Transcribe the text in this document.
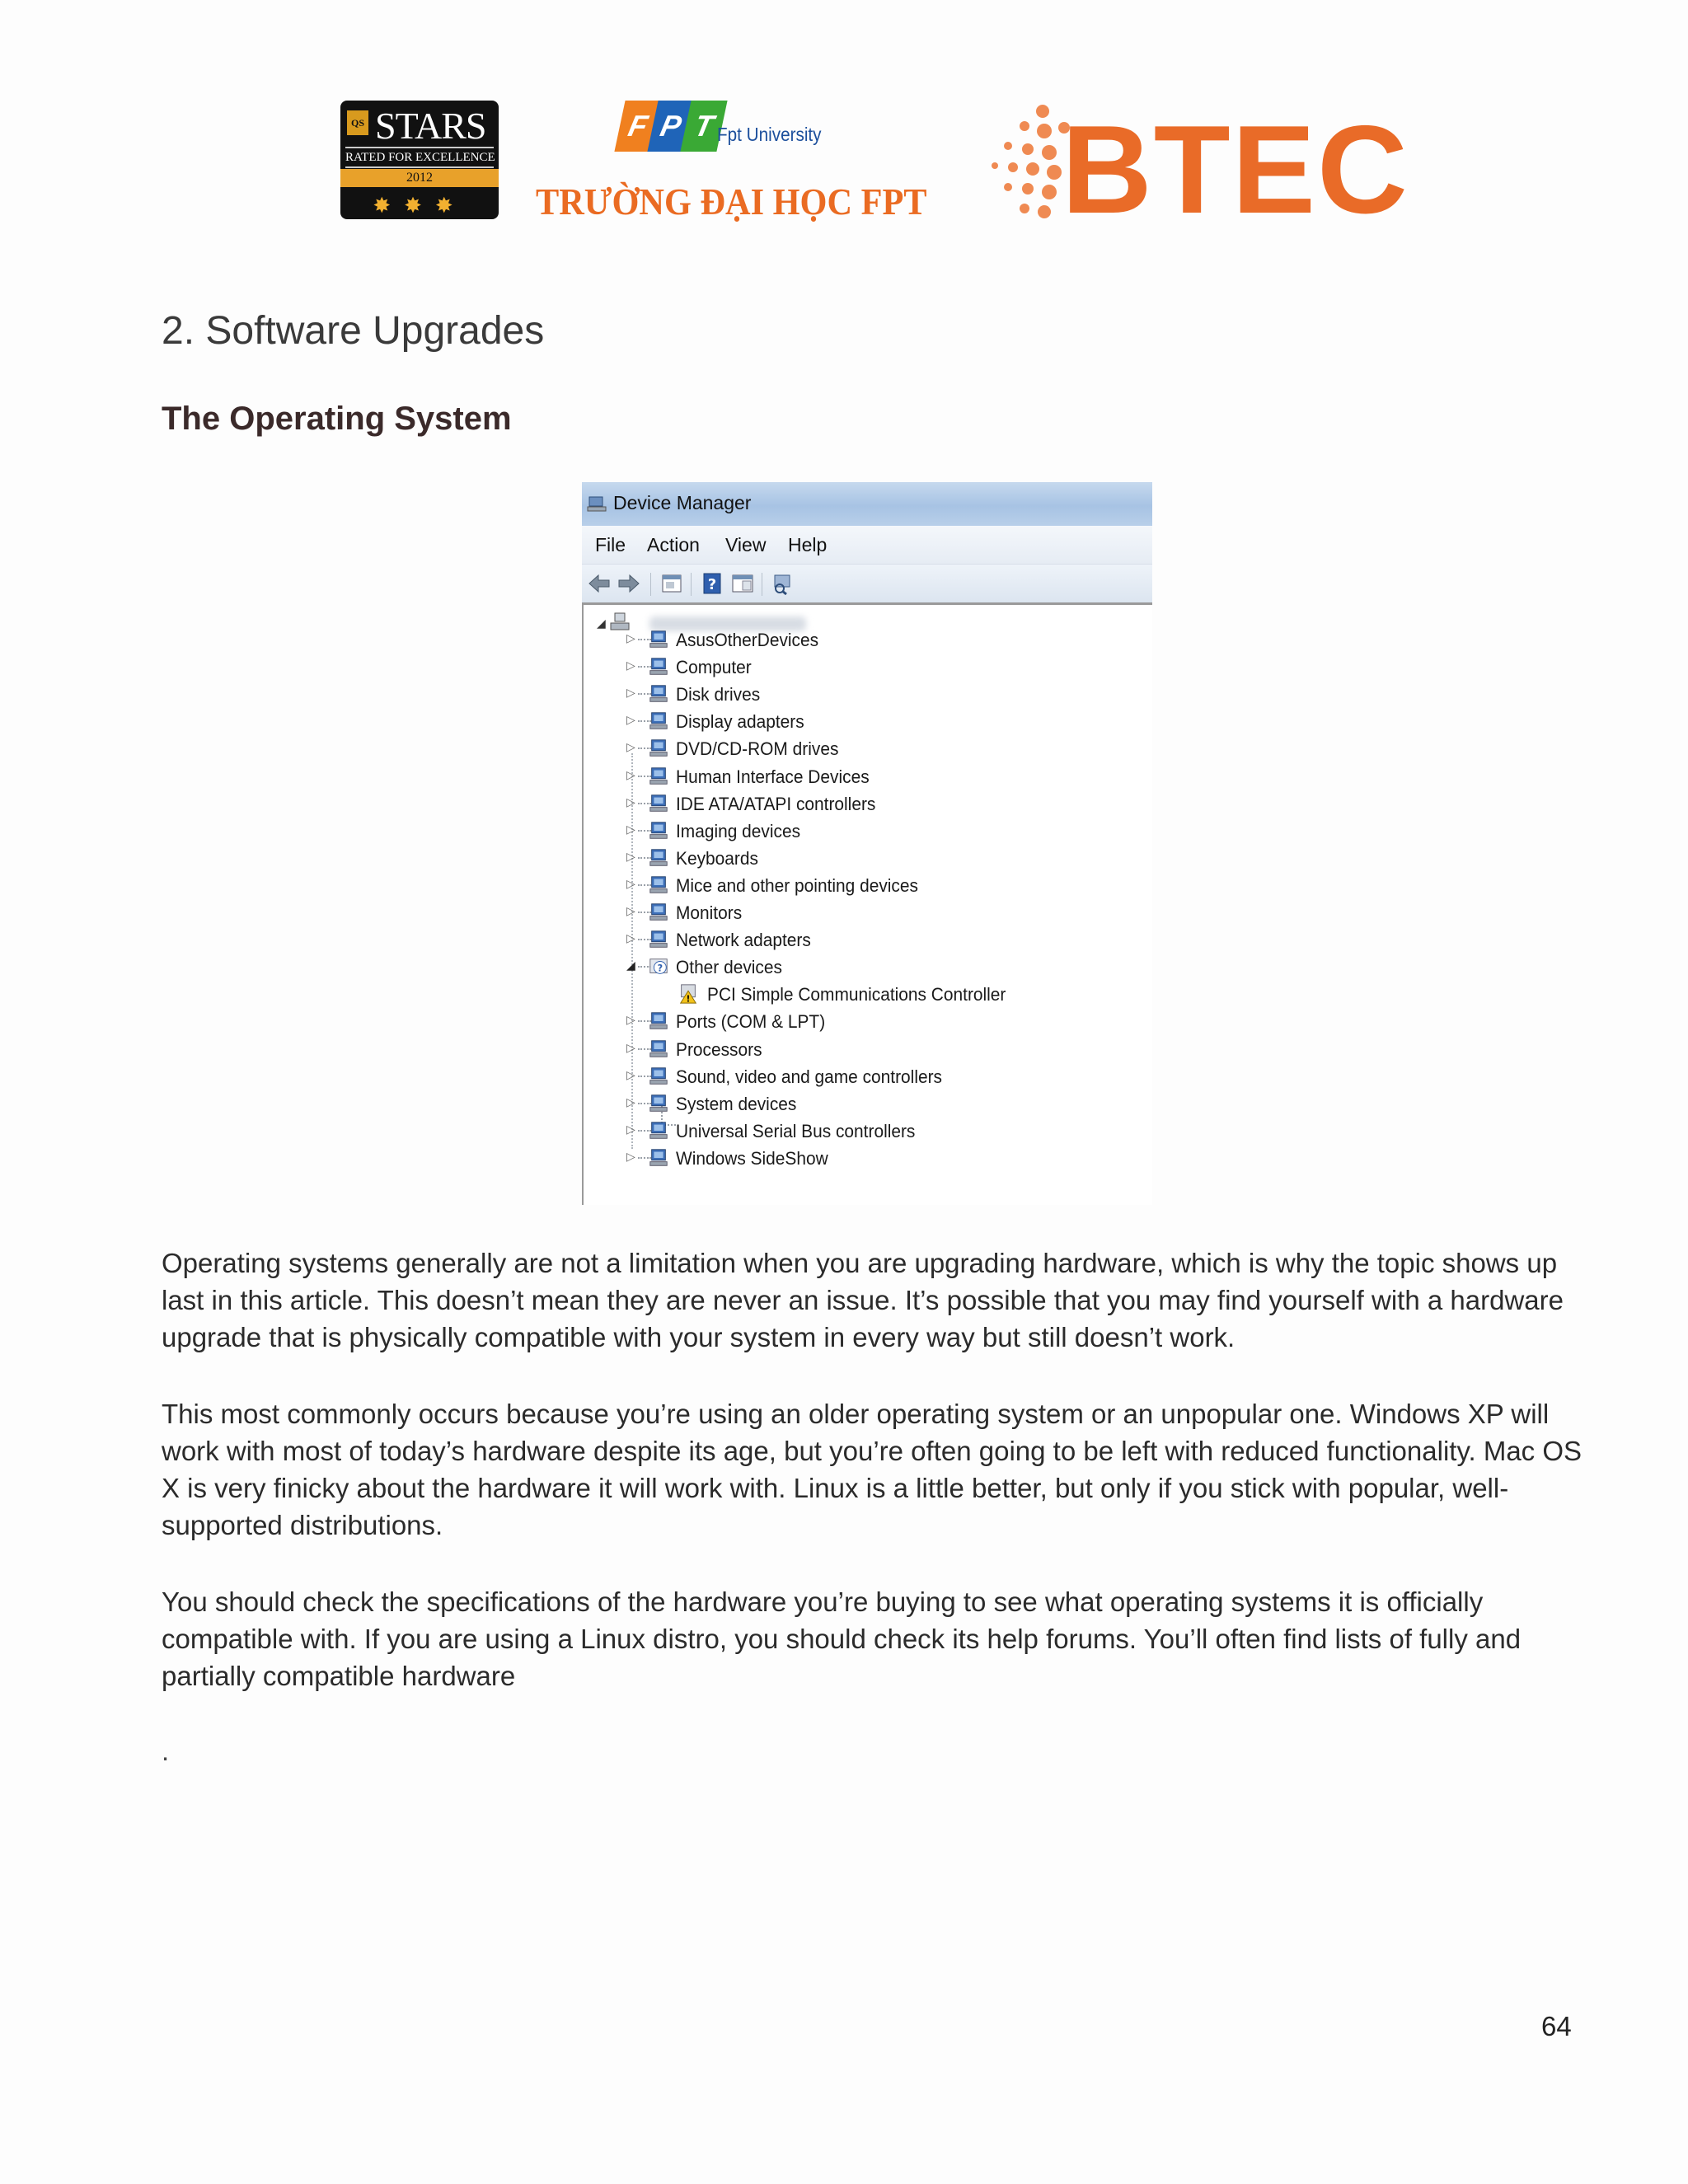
QS STARS
RATED FOR EXCELLENCE
2012
✸✸✸
F P T Fpt University
TRƯỜNG ĐẠI HỌC FPT BTEC
2. Software Upgrades
The Operating System
Device Manager
File Action View Help
?
◢
▷ AsusOtherDevices
▷ Computer
▷ Disk drives
▷ Display adapters
▷ DVD/CD-ROM drives
▷ Human Interface Devices
▷ IDE ATA/ATAPI controllers
▷ Imaging devices
▷ Keyboards
▷ Mice and other pointing devices
▷ Monitors
▷ Network adapters
◢ ? Other devices
! PCI Simple Communications Controller
▷ Ports (COM & LPT)
▷ Processors
▷ Sound, video and game controllers
▷ System devices
▷ Universal Serial Bus controllers
▷ Windows SideShow
Operating systems generally are not a limitation when you are upgrading hardware, which is why the topic shows up last in this article. This doesn’t mean they are never an issue. It’s possible that you may find yourself with a hardware upgrade that is physically compatible with your system in every way but still doesn’t work.
This most commonly occurs because you’re using an older operating system or an unpopular one. Windows XP will work with most of today’s hardware despite its age, but you’re often going to be left with reduced functionality. Mac OS X is very finicky about the hardware it will work with. Linux is a little better, but only if you stick with popular, well-supported distributions.
You should check the specifications of the hardware you’re buying to see what operating systems it is officially compatible with. If you are using a Linux distro, you should check its help forums. You’ll often find lists of fully and partially compatible hardware
.
64
